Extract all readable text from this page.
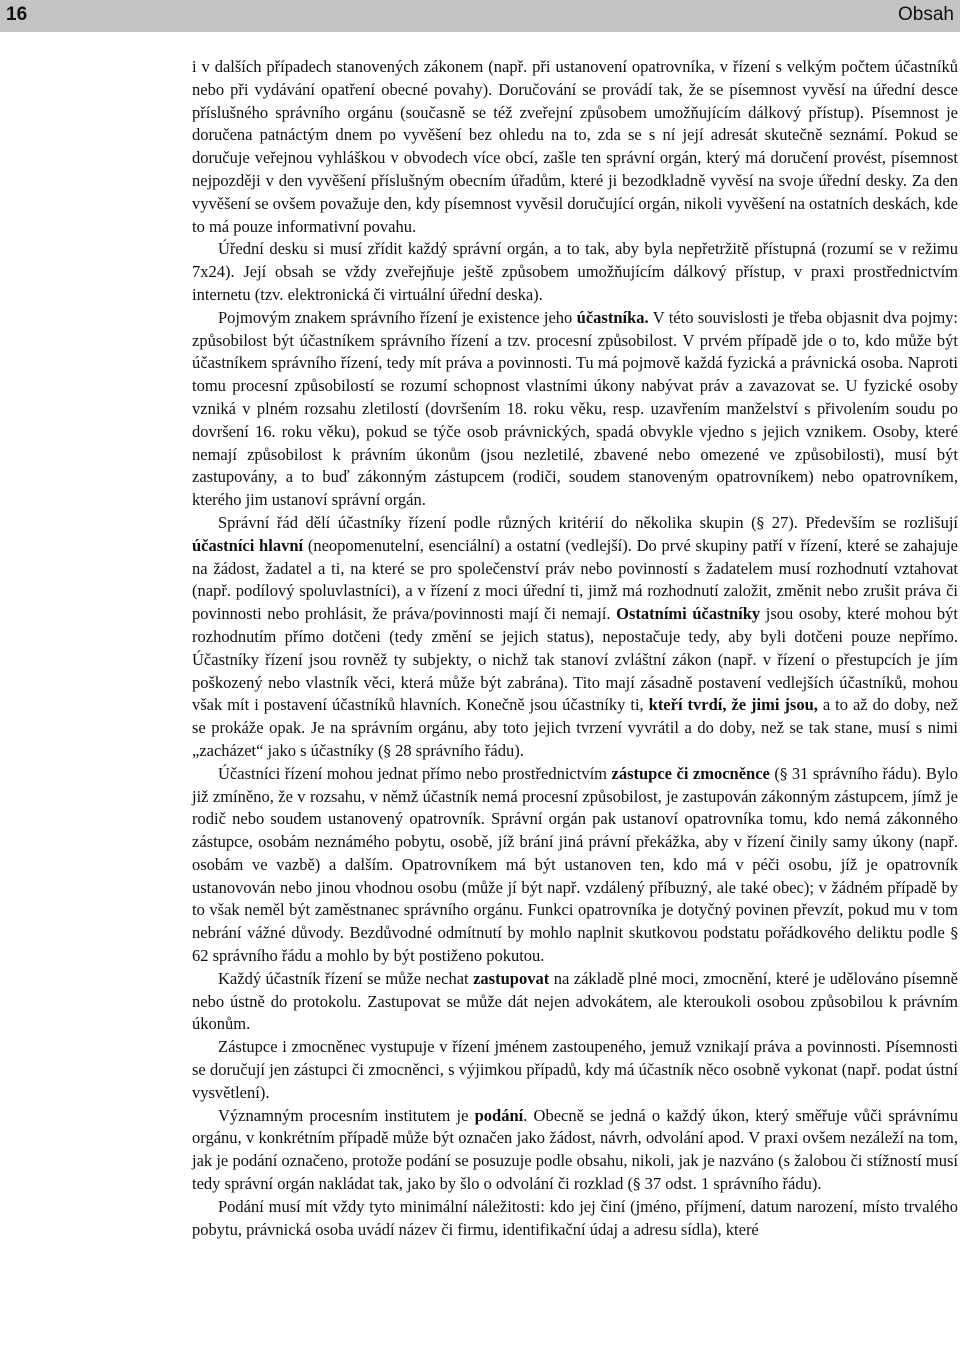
16	Obsah

i v dalších případech stanovených zákonem (např. při ustanovení opatrovníka, v řízení s velkým počtem účastníků nebo při vydávání opatření obecné povahy). Doručování se provádí tak, že se písemnost vyvěsí na úřední desce příslušného správního orgánu (současně se též zveřejní způsobem umožňujícím dálkový přístup). Písemnost je doručena patnáctým dnem po vyvěšení bez ohledu na to, zda se s ní její adresát skutečně seznámí. Pokud se doručuje veřejnou vyhláškou v obvodech více obcí, zašle ten správní orgán, který má doručení provést, písemnost nejpozději v den vyvěšení příslušným obecním úřadům, které ji bezodkladně vyvěsí na svoje úřední desky. Za den vyvěšení se ovšem považuje den, kdy písemnost vyvěsil doručující orgán, nikoli vyvěšení na ostatních deskách, kde to má pouze informativní povahu.

Úřední desku si musí zřídit každý správní orgán, a to tak, aby byla nepřetržitě přístupná (rozumí se v režimu 7x24). Její obsah se vždy zveřejňuje ještě způsobem umožňujícím dálkový přístup, v praxi prostřednictvím internetu (tzv. elektronická či virtuální úřední deska).

Pojmovým znakem správního řízení je existence jeho účastníka. V této souvislosti je třeba objasnit dva pojmy: způsobilost být účastníkem správního řízení a tzv. procesní způsobilost. V prvém případě jde o to, kdo může být účastníkem správního řízení, tedy mít práva a povinnosti. Tu má pojmově každá fyzická a právnická osoba. Naproti tomu procesní způsobilostí se rozumí schopnost vlastními úkony nabývat práv a zavazovat se. U fyzické osoby vzniká v plném rozsahu zletilostí (dovršením 18. roku věku, resp. uzavřením manželství s přivolením soudu po dovršení 16. roku věku), pokud se týče osob právnických, spadá obvykle vjedno s jejich vznikem. Osoby, které nemají způsobilost k právním úkonům (jsou nezletilé, zbavené nebo omezené ve způsobilosti), musí být zastupovány, a to buď zákonným zástupcem (rodiči, soudem stanoveným opatrovníkem) nebo opatrovníkem, kterého jim ustanoví správní orgán.

Správní řád dělí účastníky řízení podle různých kritérií do několika skupin (§ 27). Především se rozlišují účastníci hlavní (neopomenutelní, esenciální) a ostatní (vedlejší). Do prvé skupiny patří v řízení, které se zahajuje na žádost, žadatel a ti, na které se pro společenství práv nebo povinností s žadatelem musí rozhodnutí vztahovat (např. podílový spoluvlastníci), a v řízení z moci úřední ti, jimž má rozhodnutí založit, změnit nebo zrušit práva či povinnosti nebo prohlásit, že práva/povinnosti mají či nemají. Ostatními účastníky jsou osoby, které mohou být rozhodnutím přímo dotčeni (tedy změní se jejich status), nepostačuje tedy, aby byli dotčeni pouze nepřímo. Účastníky řízení jsou rovněž ty subjekty, o nichž tak stanoví zvláštní zákon (např. v řízení o přestupcích je jím poškozený nebo vlastník věci, která může být zabrána). Tito mají zásadně postavení vedlejších účastníků, mohou však mít i postavení účastníků hlavních. Konečně jsou účastníky ti, kteří tvrdí, že jimi jsou, a to až do doby, než se prokáže opak. Je na správním orgánu, aby toto jejich tvrzení vyvrátil a do doby, než se tak stane, musí s nimi „zacházet“ jako s účastníky (§ 28 správního řádu).

Účastníci řízení mohou jednat přímo nebo prostřednictvím zástupce či zmocněnce (§ 31 správního řádu). Bylo již zmíněno, že v rozsahu, v němž účastník nemá procesní způsobilost, je zastupován zákonným zástupcem, jímž je rodič nebo soudem ustanovený opatrovník. Správní orgán pak ustanoví opatrovníka tomu, kdo nemá zákonného zástupce, osobám neznámého pobytu, osobě, jíž brání jiná právní překážka, aby v řízení činily samy úkony (např. osobám ve vazbě) a dalším. Opatrovníkem má být ustanoven ten, kdo má v péči osobu, jíž je opatrovník ustanovován nebo jinou vhodnou osobu (může jí být např. vzdálený příbuzný, ale také obec); v žádném případě by to však neměl být zaměstnanec správního orgánu. Funkci opatrovníka je dotyčný povinen převzít, pokud mu v tom nebrání vážné důvody. Bezdůvodné odmítnutí by mohlo naplnit skutkovou podstatu pořádkového deliktu podle § 62 správního řádu a mohlo by být postiženo pokutou.

Každý účastník řízení se může nechat zastupovat na základě plné moci, zmocnění, které je udělováno písemně nebo ústně do protokolu. Zastupovat se může dát nejen advokátem, ale kteroukoli osobou způsobilou k právním úkonům.

Zástupce i zmocněnec vystupuje v řízení jménem zastoupeného, jemuž vznikají práva a povinnosti. Písemnosti se doručují jen zástupci či zmocněnci, s výjimkou případů, kdy má účastník něco osobně vykonat (např. podat ústní vysvětlení).

Významným procesním institutem je podání. Obecně se jedná o každý úkon, který směřuje vůči správnímu orgánu, v konkrétním případě může být označen jako žádost, návrh, odvolání apod. V praxi ovšem nezáleží na tom, jak je podání označeno, protože podání se posuzuje podle obsahu, nikoli, jak je nazváno (s žalobou či stížností musí tedy správní orgán nakládat tak, jako by šlo o odvolání či rozklad (§ 37 odst. 1 správního řádu).

Podání musí mít vždy tyto minimální náležitosti: kdo jej činí (jméno, příjmení, datum narození, místo trvalého pobytu, právnická osoba uvádí název či firmu, identifikační údaj a adresu sídla), které
